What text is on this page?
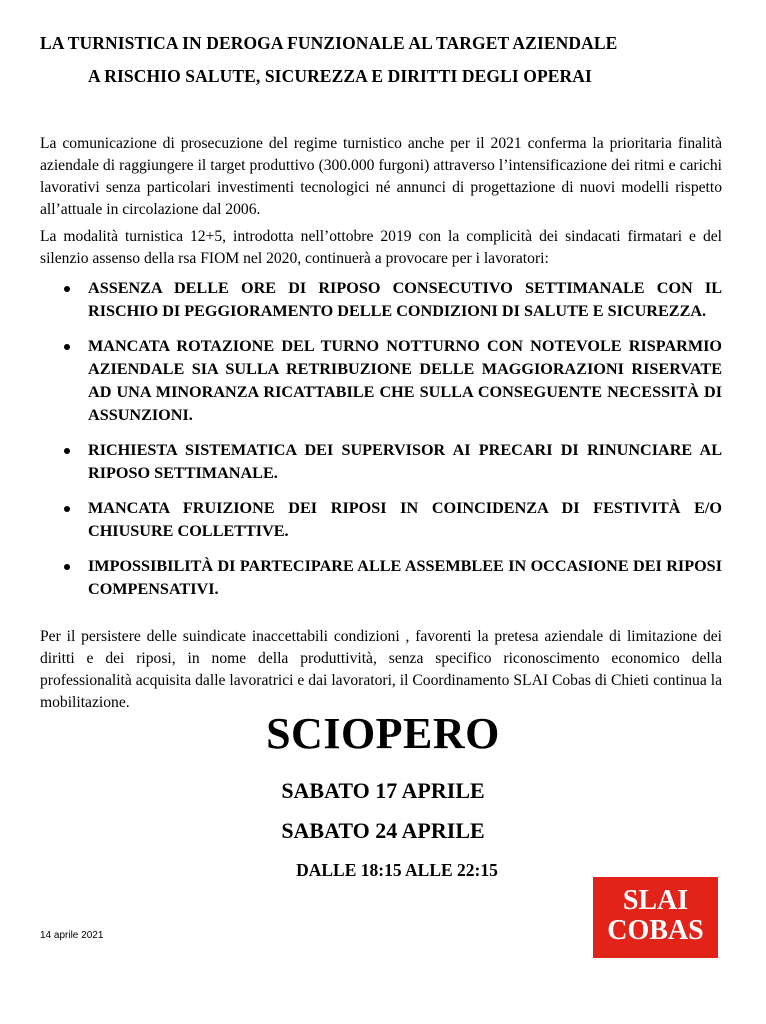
LA TURNISTICA IN DEROGA FUNZIONALE AL TARGET AZIENDALE
A RISCHIO SALUTE, SICUREZZA E DIRITTI DEGLI OPERAI
La comunicazione di prosecuzione del regime turnistico anche per il 2021 conferma la prioritaria finalità aziendale di raggiungere il target produttivo (300.000 furgoni) attraverso l’intensificazione dei ritmi e carichi lavorativi senza particolari investimenti tecnologici né annunci di progettazione di nuovi modelli rispetto all’attuale in circolazione dal 2006.
La modalità turnistica 12+5, introdotta nell’ottobre 2019 con la complicità dei sindacati firmatari e del silenzio assenso della rsa FIOM nel 2020, continuerà a provocare per i lavoratori:
ASSENZA DELLE ORE DI RIPOSO CONSECUTIVO SETTIMANALE CON IL RISCHIO DI PEGGIORAMENTO DELLE CONDIZIONI DI SALUTE E SICUREZZA.
MANCATA ROTAZIONE DEL TURNO NOTTURNO CON NOTEVOLE RISPARMIO AZIENDALE SIA SULLA RETRIBUZIONE DELLE MAGGIORAZIONI RISERVATE AD UNA MINORANZA RICATTABILE CHE SULLA CONSEGUENTE NECESSITÀ DI ASSUNZIONI.
RICHIESTA SISTEMATICA DEI SUPERVISOR AI PRECARI DI RINUNCIARE AL RIPOSO SETTIMANALE.
MANCATA FRUIZIONE DEI RIPOSI IN COINCIDENZA DI FESTIVITÀ E/O CHIUSURE COLLETTIVE.
IMPOSSIBILITÀ DI PARTECIPARE ALLE ASSEMBLEE IN OCCASIONE DEI RIPOSI COMPENSATIVI.
Per il persistere delle suindicate inaccettabili condizioni , favorenti la pretesa aziendale di limitazione dei diritti e dei riposi, in nome della produttività, senza specifico riconoscimento economico della professionalità acquisita dalle lavoratrici e dai lavoratori, il Coordinamento SLAI Cobas di Chieti continua la mobilitazione.
SCIOPERO
SABATO 17 APRILE
SABATO 24 APRILE
DALLE 18:15 ALLE 22:15
14 aprile 2021
SLAI
COBAS
